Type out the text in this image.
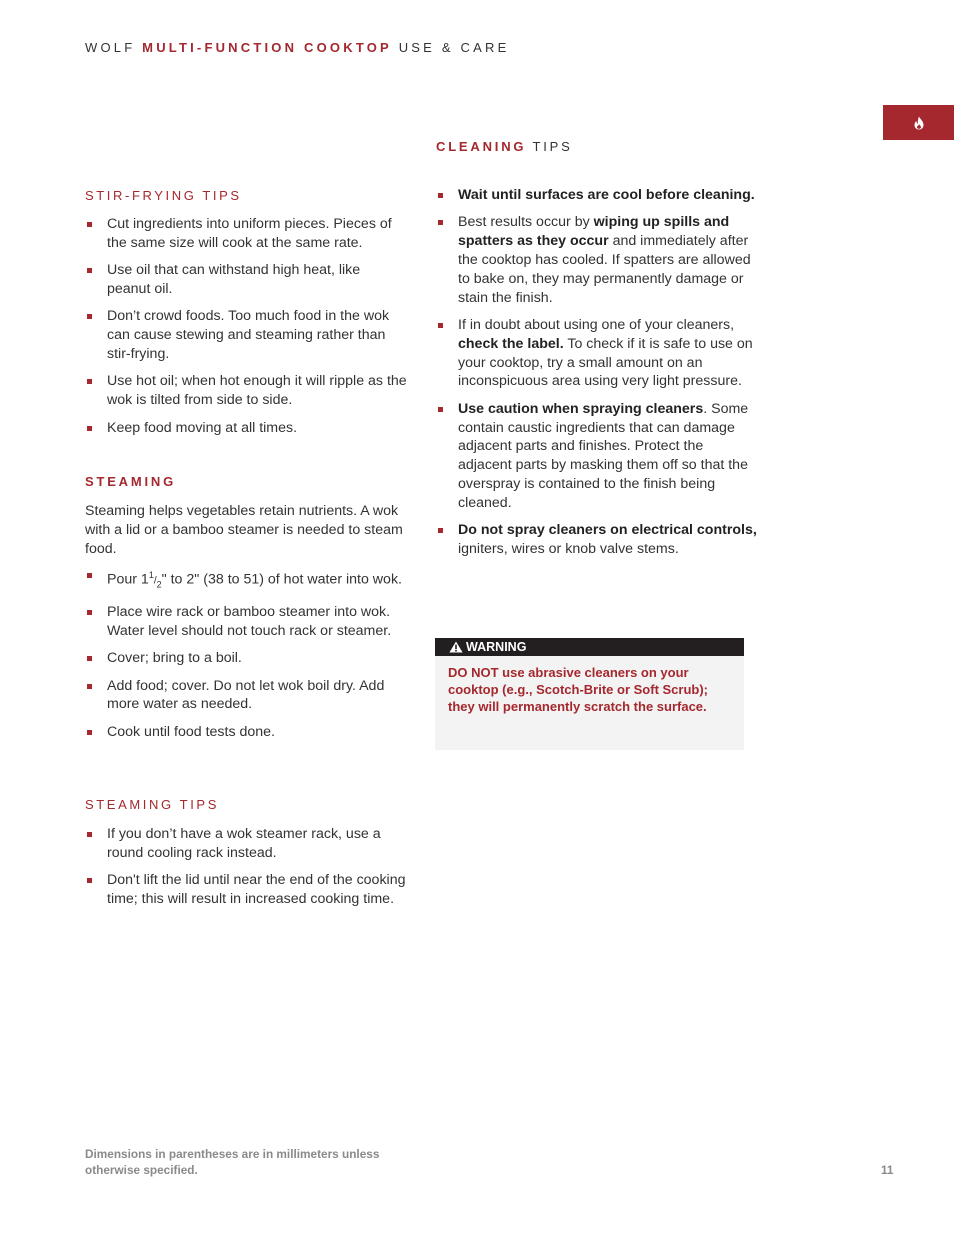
WOLF MULTI-FUNCTION COOKTOP USE & CARE
STIR-FRYING TIPS
Cut ingredients into uniform pieces. Pieces of the same size will cook at the same rate.
Use oil that can withstand high heat, like peanut oil.
Don’t crowd foods. Too much food in the wok can cause stewing and steaming rather than stir-frying.
Use hot oil; when hot enough it will ripple as the wok is tilted from side to side.
Keep food moving at all times.
STEAMING
Steaming helps vegetables retain nutrients. A wok with a lid or a bamboo steamer is needed to steam food.
Pour $1^1/_2$" to 2" (38 to 51) of hot water into wok.
Place wire rack or bamboo steamer into wok. Water level should not touch rack or steamer.
Cover; bring to a boil.
Add food; cover. Do not let wok boil dry. Add more water as needed.
Cook until food tests done.
STEAMING TIPS
If you don’t have a wok steamer rack, use a round cooling rack instead.
Don't lift the lid until near the end of the cooking time; this will result in increased cooking time.
CLEANING TIPS
Wait until surfaces are cool before cleaning.
Best results occur by wiping up spills and spatters as they occur and immediately after the cooktop has cooled. If spatters are allowed to bake on, they may permanently damage or stain the finish.
If in doubt about using one of your cleaners, check the label. To check if it is safe to use on your cooktop, try a small amount on an inconspicuous area using very light pressure.
Use caution when spraying cleaners. Some contain caustic ingredients that can damage adjacent parts and finishes. Protect the adjacent parts by masking them off so that the overspray is contained to the finish being cleaned.
Do not spray cleaners on electrical controls, igniters, wires or knob valve stems.
WARNING
DO NOT use abrasive cleaners on your cooktop (e.g., Scotch-Brite or Soft Scrub); they will permanently scratch the surface.
Dimensions in parentheses are in millimeters unless otherwise specified.	11
